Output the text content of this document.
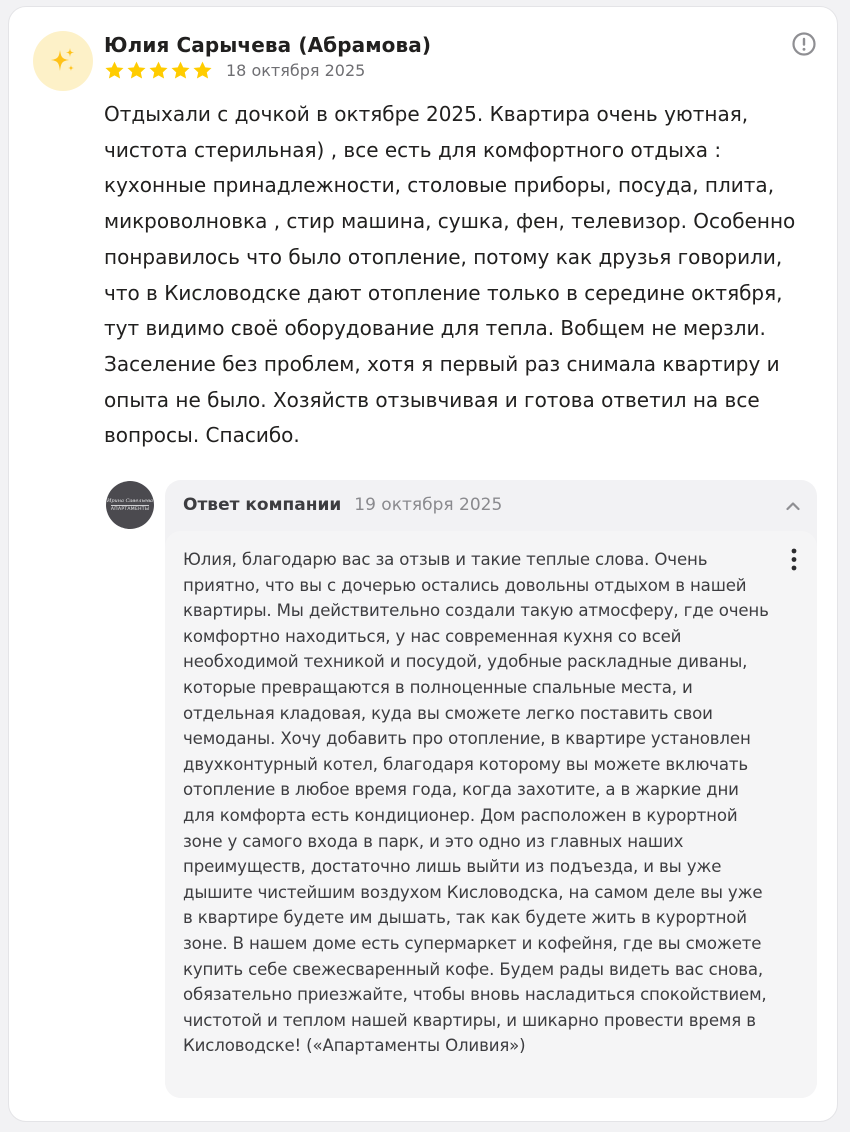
Юлия Сарычева (Абрамова)
18 октября 2025

Отдыхали с дочкой в октябре 2025. Квартира очень уютная, чистота стерильная) , все есть для комфортного отдыха : кухонные принадлежности, столовые приборы, посуда, плита, микроволновка , стир машина, сушка, фен, телевизор. Особенно понравилось что было отопление, потому как друзья говорили, что в Кисловодске дают отопление только в середине октября, тут видимо своё оборудование для тепла. Вобщем не мерзли. Заселение без проблем, хотя я первый раз снимала квартиру и опыта не было. Хозяйств отзывчивая и готова ответил на все вопросы. Спасибо.

Ирина Савельева
АПАРТАМЕНТЫ Ответ компании 19 октября 2025

Юлия, благодарю вас за отзыв и такие теплые слова. Очень приятно, что вы с дочерью остались довольны отдыхом в нашей квартиры. Мы действительно создали такую атмосферу, где очень комфортно находиться, у нас современная кухня со всей необходимой техникой и посудой, удобные раскладные диваны, которые превращаются в полноценные спальные места, и отдельная кладовая, куда вы сможете легко поставить свои чемоданы. Хочу добавить про отопление, в квартире установлен двухконтурный котел, благодаря которому вы можете включать отопление в любое время года, когда захотите, а в жаркие дни для комфорта есть кондиционер. Дом расположен в курортной зоне у самого входа в парк, и это одно из главных наших преимуществ, достаточно лишь выйти из подъезда, и вы уже дышите чистейшим воздухом Кисловодска, на самом деле вы уже в квартире будете им дышать, так как будете жить в курортной зоне. В нашем доме есть супермаркет и кофейня, где вы сможете купить себе свежесваренный кофе. Будем рады видеть вас снова, обязательно приезжайте, чтобы вновь насладиться спокойствием, чистотой и теплом нашей квартиры, и шикарно провести время в Кисловодске! («Апартаменты Оливия»)
